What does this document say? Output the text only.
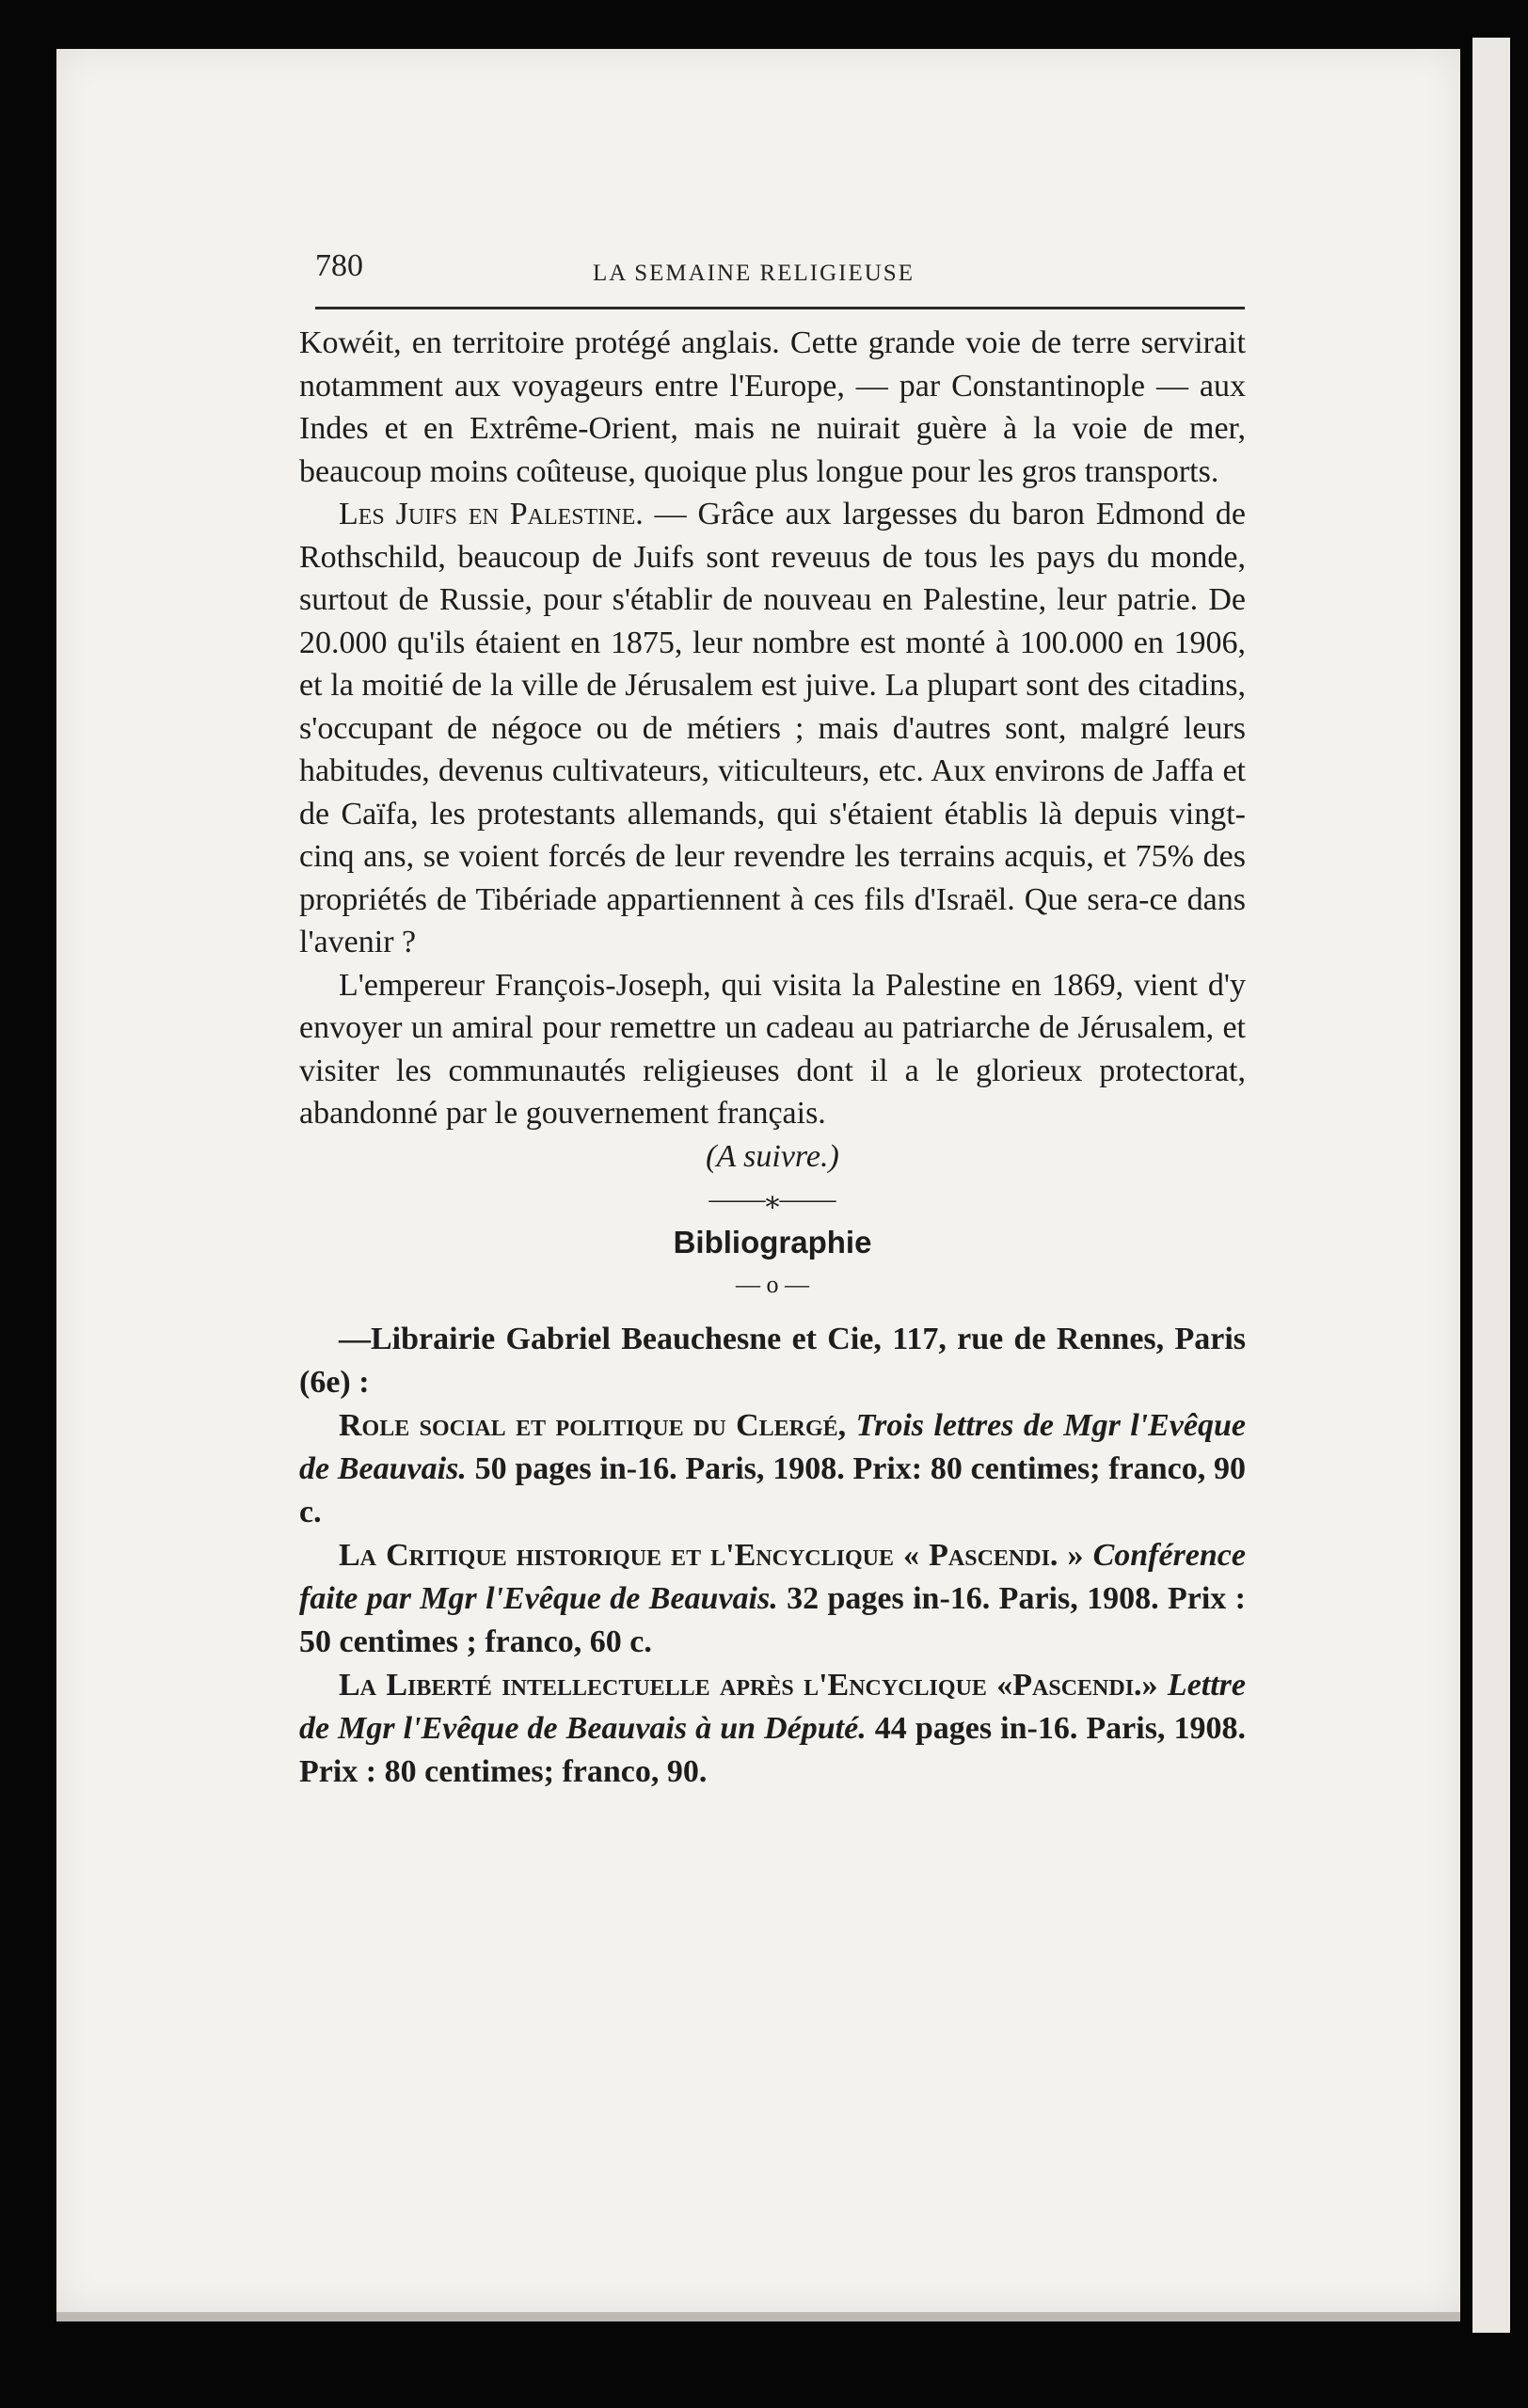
780	LA SEMAINE RELIGIEUSE

Kowéit, en territoire protégé anglais. Cette grande voie de terre servirait notamment aux voyageurs entre l'Europe, — par Constantinople — aux Indes et en Extrême-Orient, mais ne nuirait guère à la voie de mer, beaucoup moins coûteuse, quoique plus longue pour les gros transports.

Les Juifs en Palestine. — Grâce aux largesses du baron Edmond de Rothschild, beaucoup de Juifs sont reveuus de tous les pays du monde, surtout de Russie, pour s'établir de nouveau en Palestine, leur patrie. De 20.000 qu'ils étaient en 1875, leur nombre est monté à 100.000 en 1906, et la moitié de la ville de Jérusalem est juive. La plupart sont des citadins, s'occupant de négoce ou de métiers ; mais d'autres sont, malgré leurs habitudes, devenus cultivateurs, viticulteurs, etc. Aux environs de Jaffa et de Caïfa, les protestants allemands, qui s'étaient établis là depuis vingt-cinq ans, se voient forcés de leur revendre les terrains acquis, et 75% des propriétés de Tibériade appartiennent à ces fils d'Israël. Que sera-ce dans l'avenir ?

L'empereur François-Joseph, qui visita la Palestine en 1869, vient d'y envoyer un amiral pour remettre un cadeau au patriarche de Jérusalem, et visiter les communautés religieuses dont il a le glorieux protectorat, abandonné par le gouvernement français.

(A suivre.)

——⁎——

Bibliographie

— o —

—Librairie Gabriel Beauchesne et Cie, 117, rue de Rennes, Paris (6e) :

Role social et politique du Clergé, Trois lettres de Mgr l'Evêque de Beauvais. 50 pages in-16. Paris, 1908. Prix: 80 centimes; franco, 90 c.

La Critique historique et l'Encyclique « Pascendi. » Conférence faite par Mgr l'Evêque de Beauvais. 32 pages in-16. Paris, 1908. Prix : 50 centimes ; franco, 60 c.

La Liberté intellectuelle après l'Encyclique «Pascendi.» Lettre de Mgr l'Evêque de Beauvais à un Député. 44 pages in-16. Paris, 1908. Prix : 80 centimes; franco, 90.
